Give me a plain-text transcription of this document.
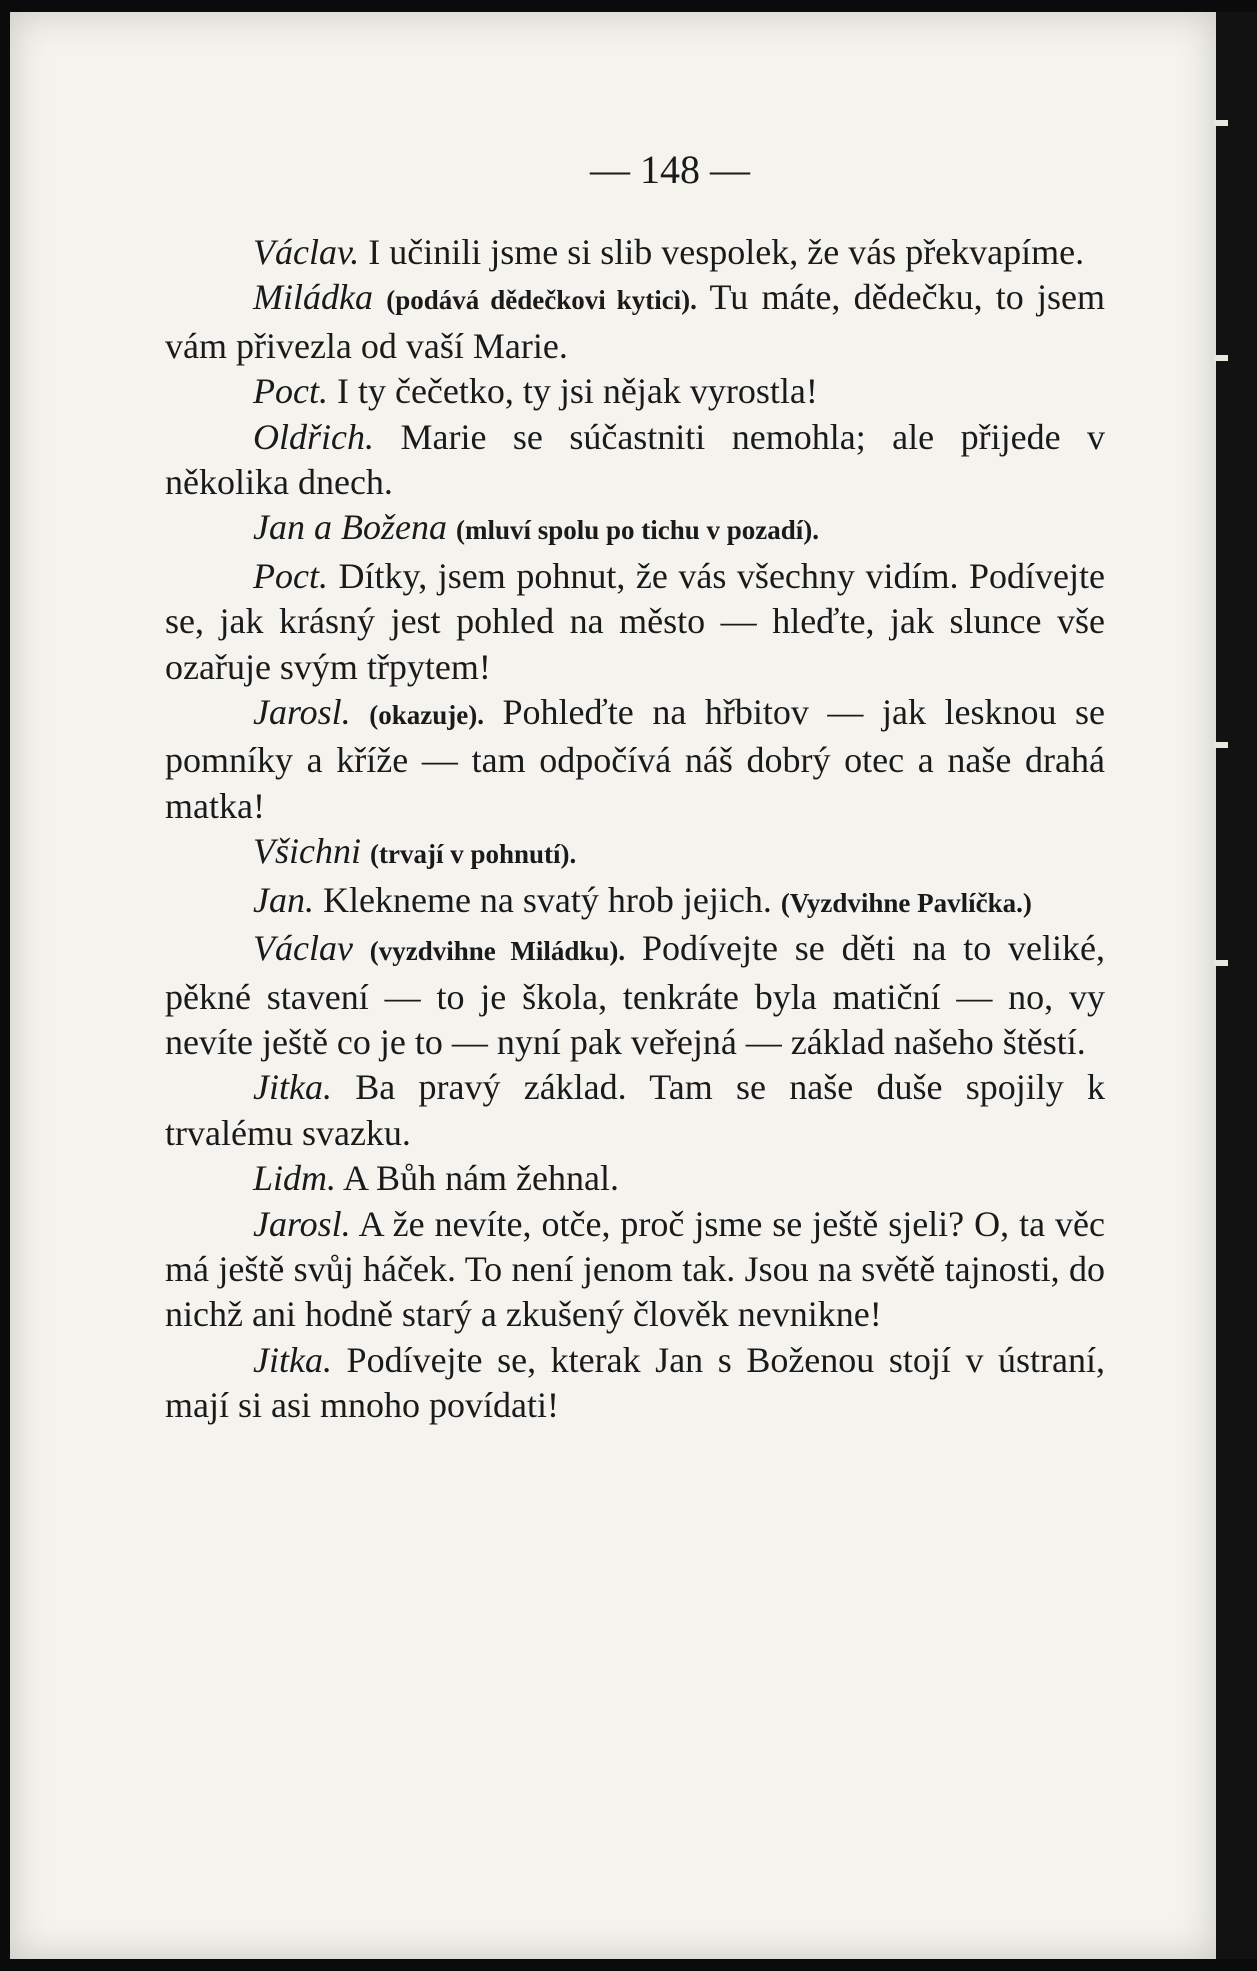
— 148 —

Václav. I učinili jsme si slib vespolek, že vás překvapíme.

Miládka (podává dědečkovi kytici). Tu máte, dědečku, to jsem vám přivezla od vaší Marie.

Poct. I ty čečetko, ty jsi nějak vyrostla!

Oldřich. Marie se súčastniti nemohla; ale přijede v několika dnech.

Jan a Božena (mluví spolu po tichu v pozadí).

Poct. Dítky, jsem pohnut, že vás všechny vidím. Podívejte se, jak krásný jest pohled na město — hleďte, jak slunce vše ozařuje svým třpytem!

Jarosl. (okazuje). Pohleďte na hřbitov — jak lesknou se pomníky a kříže — tam odpočívá náš dobrý otec a naše drahá matka!

Všichni (trvají v pohnutí).

Jan. Klekneme na svatý hrob jejich. (Vyzdvihne Pavlíčka.)

Václav (vyzdvihne Miládku). Podívejte se děti na to veliké, pěkné stavení — to je škola, tenkráte byla matiční — no, vy nevíte ještě co je to — nyní pak veřejná — základ našeho štěstí.

Jitka. Ba pravý základ. Tam se naše duše spojily k trvalému svazku.

Lidm. A Bůh nám žehnal.

Jarosl. A že nevíte, otče, proč jsme se ještě sjeli? O, ta věc má ještě svůj háček. To není jenom tak. Jsou na světě tajnosti, do nichž ani hodně starý a zkušený člověk nevnikne!

Jitka. Podívejte se, kterak Jan s Boženou stojí v ústraní, mají si asi mnoho povídati!
